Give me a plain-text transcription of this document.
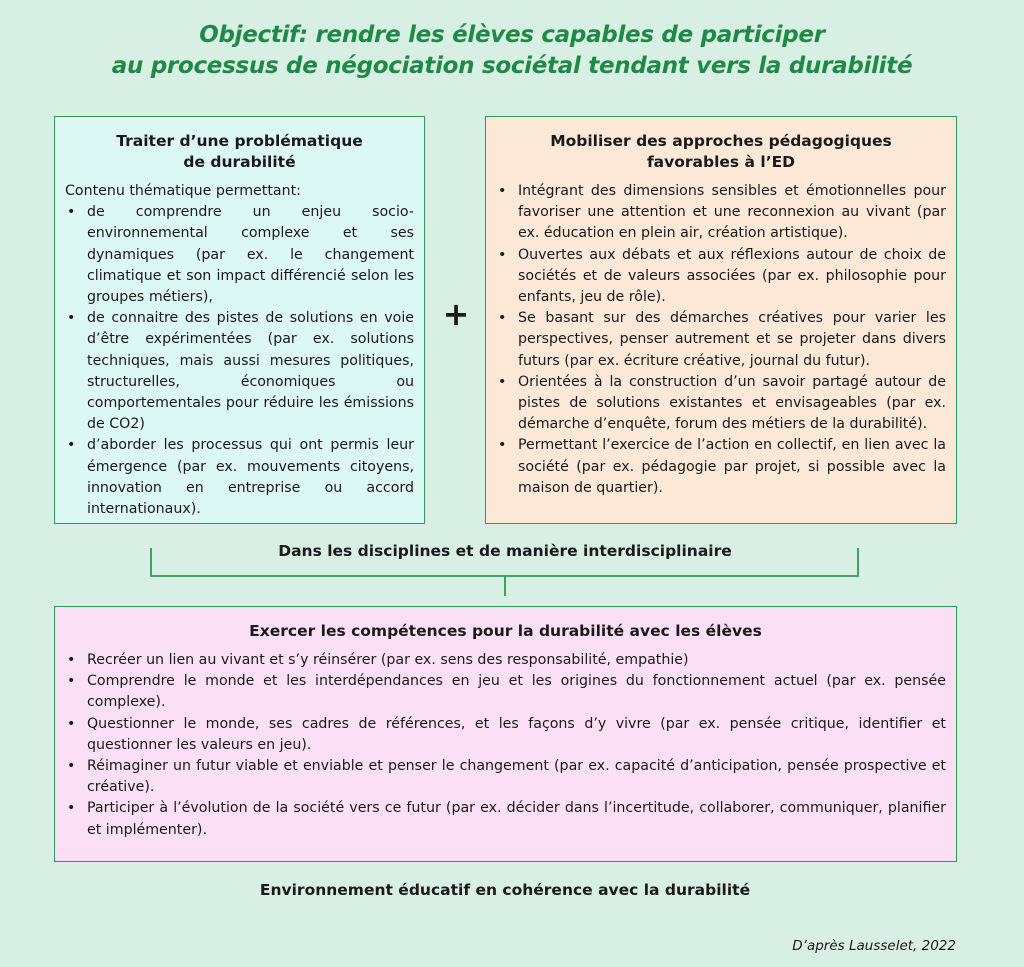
Objectif: rendre les élèves capables de participer
au processus de négociation sociétal tendant vers la durabilité
Traiter d’une problématique
de durabilité

Contenu thématique permettant:

• de comprendre un enjeu socio-environnemental complexe et ses dynamiques (par ex. le changement climatique et son impact différencié selon les groupes métiers),
• de connaitre des pistes de solutions en voie d’être expérimentées (par ex. solutions techniques, mais aussi mesures politiques, structurelles, économiques ou comportementales pour réduire les émissions de CO2)
• d’aborder les processus qui ont permis leur émergence (par ex. mouvements citoyens, innovation en entreprise ou accord internationaux).
+
Mobiliser des approches pédagogiques
favorables à l’ED
• Intégrant des dimensions sensibles et émotionnelles pour favoriser une attention et une reconnexion au vivant (par ex. éducation en plein air, création artistique).
• Ouvertes aux débats et aux réflexions autour de choix de sociétés et de valeurs associées (par ex. philosophie pour enfants, jeu de rôle).
• Se basant sur des démarches créatives pour varier les perspectives, penser autrement et se projeter dans divers futurs (par ex. écriture créative, journal du futur).
• Orientées à la construction d’un savoir partagé autour de pistes de solutions existantes et envisageables (par ex. démarche d’enquête, forum des métiers de la durabilité).
• Permettant l’exercice de l’action en collectif, en lien avec la société (par ex. pédagogie par projet, si possible avec la maison de quartier).
Dans les disciplines et de manière interdisciplinaire
Exercer les compétences pour la durabilité avec les élèves
• Recréer un lien au vivant et s’y réinsérer (par ex. sens des responsabilité, empathie)
• Comprendre le monde et les interdépendances en jeu et les origines du fonctionnement actuel (par ex. pensée complexe).
• Questionner le monde, ses cadres de références, et les façons d’y vivre (par ex. pensée critique, identifier et questionner les valeurs en jeu).
• Réimaginer un futur viable et enviable et penser le changement (par ex. capacité d’anticipation, pensée prospective et créative).
• Participer à l’évolution de la société vers ce futur (par ex. décider dans l’incertitude, collaborer, communiquer, planifier et implémenter).
Environnement éducatif en cohérence avec la durabilité
D’après Lausselet, 2022
